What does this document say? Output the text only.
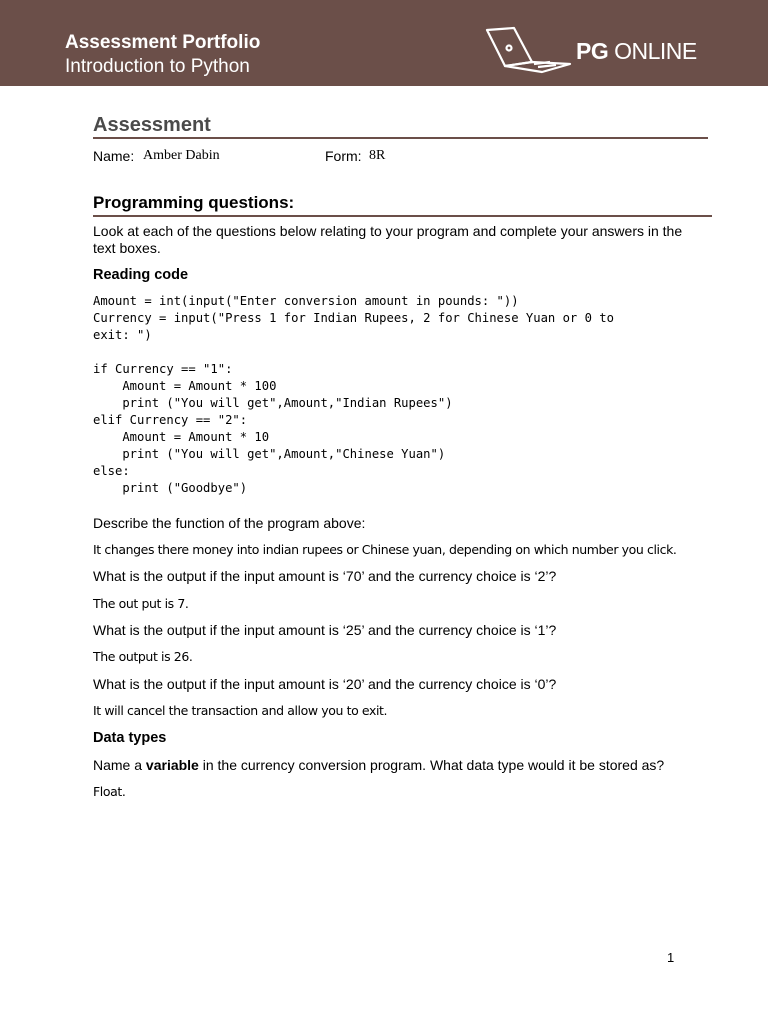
Assessment Portfolio
Introduction to Python
PG ONLINE
Assessment
Name: Amber Dabin	Form: 8R
Programming questions:
Look at each of the questions below relating to your program and complete your answers in the text boxes.
Reading code
Amount = int(input("Enter conversion amount in pounds: "))
Currency = input("Press 1 for Indian Rupees, 2 for Chinese Yuan or 0 to
exit: ")

if Currency == "1":
Amount = Amount * 100
print ("You will get",Amount,"Indian Rupees")
elif Currency == "2":
Amount = Amount * 10
print ("You will get",Amount,"Chinese Yuan")
else:
print ("Goodbye")
Describe the function of the program above:
It changes there money into indian rupees or Chinese yuan, depending on which number you click.
What is the output if the input amount is ‘70’ and the currency choice is ‘2’?
The out put is 7.
What is the output if the input amount is ‘25’ and the currency choice is ‘1’?
The output is 26.
What is the output if the input amount is ‘20’ and the currency choice is ‘0’?
It will cancel the transaction and allow you to exit.
Data types
Name a variable in the currency conversion program. What data type would it be stored as?
Float.
1
